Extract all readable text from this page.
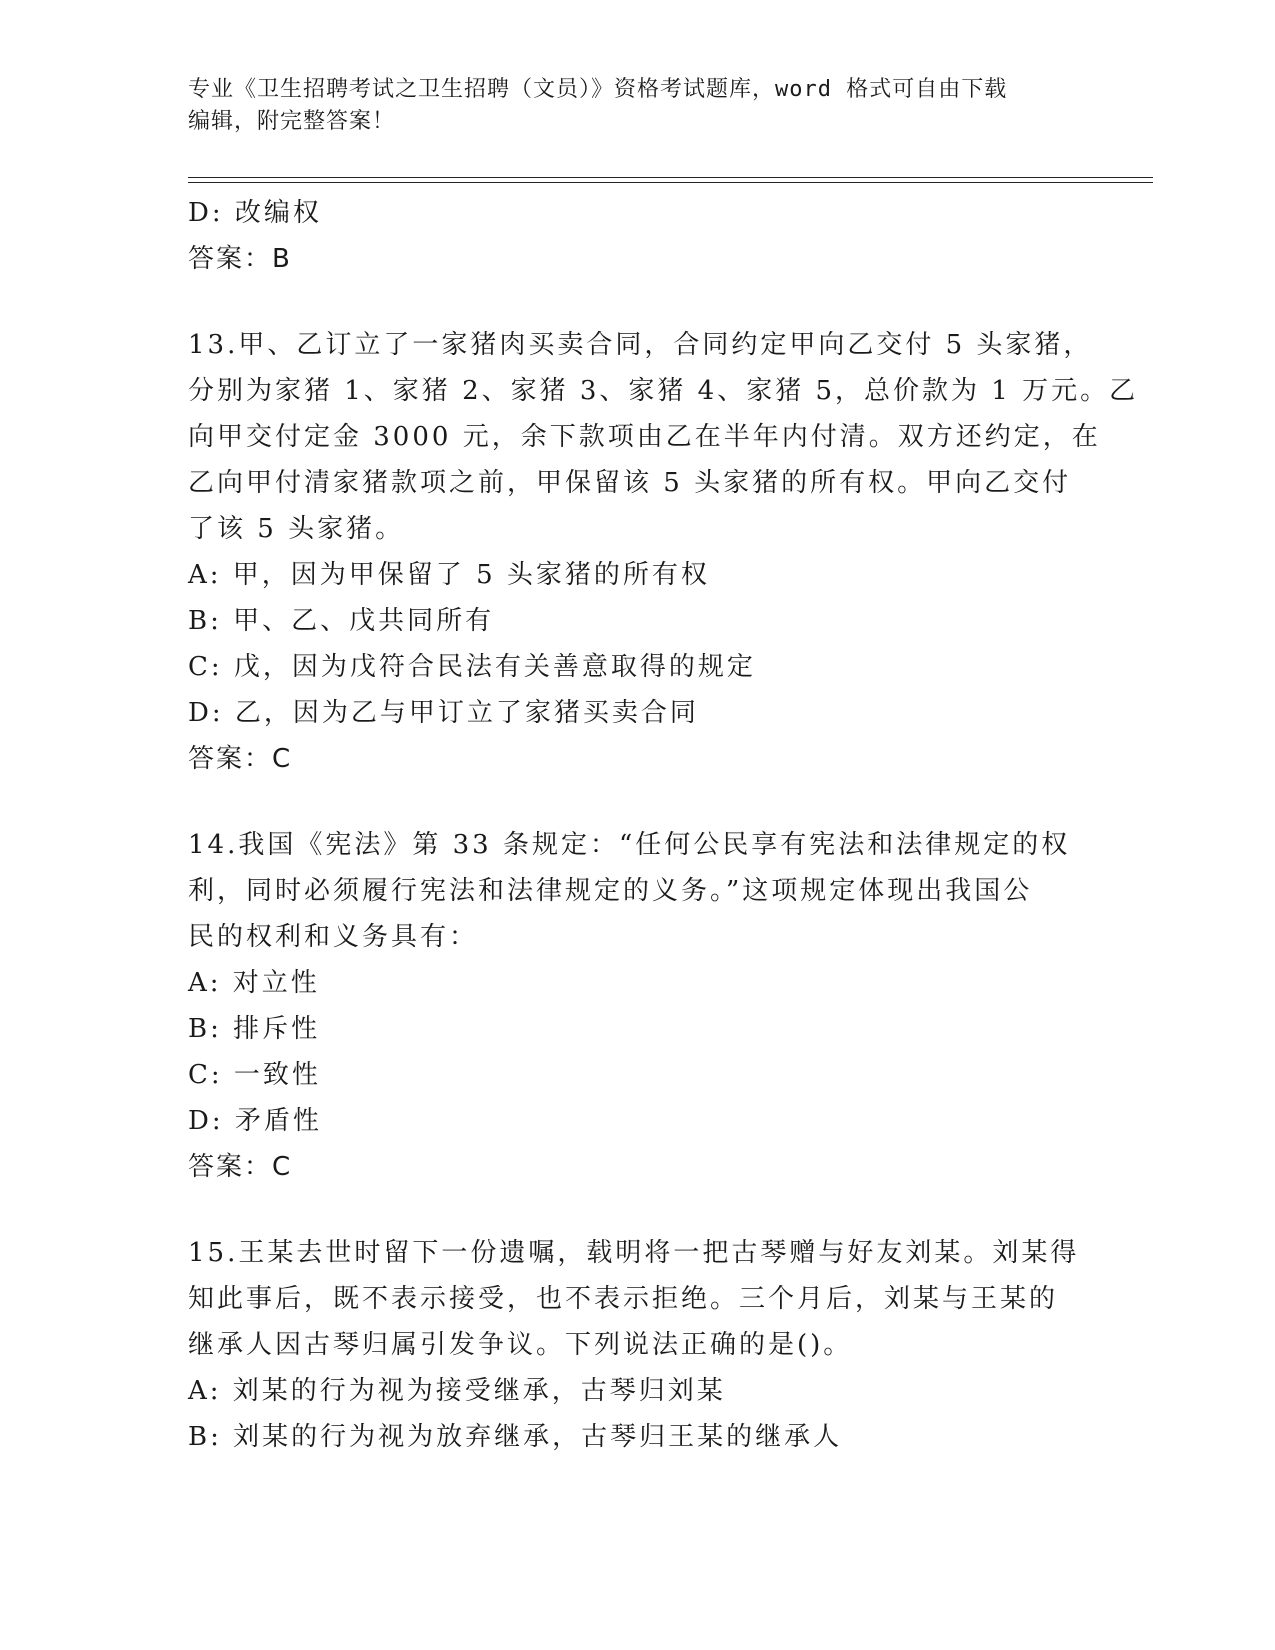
专业《卫生招聘考试之卫生招聘（文员）》资格考试题库，word 格式可自由下载
编辑，附完整答案！
D: 改编权
答案：B
13.甲、乙订立了一家猪肉买卖合同，合同约定甲向乙交付 5 头家猪，
分别为家猪 1、家猪 2、家猪 3、家猪 4、家猪 5，总价款为 1 万元。乙
向甲交付定金 3000 元，余下款项由乙在半年内付清。双方还约定，在
乙向甲付清家猪款项之前，甲保留该 5 头家猪的所有权。甲向乙交付
了该 5 头家猪。
A: 甲，因为甲保留了 5 头家猪的所有权
B: 甲、乙、戊共同所有
C: 戊，因为戊符合民法有关善意取得的规定
D: 乙，因为乙与甲订立了家猪买卖合同
答案：C
14.我国《宪法》第 33 条规定：“任何公民享有宪法和法律规定的权
利，同时必须履行宪法和法律规定的义务。”这项规定体现出我国公
民的权利和义务具有：
A: 对立性
B: 排斥性
C: 一致性
D: 矛盾性
答案：C
15.王某去世时留下一份遗嘱，载明将一把古琴赠与好友刘某。刘某得
知此事后，既不表示接受，也不表示拒绝。三个月后，刘某与王某的
继承人因古琴归属引发争议。下列说法正确的是()。
A: 刘某的行为视为接受继承，古琴归刘某
B: 刘某的行为视为放弃继承，古琴归王某的继承人
